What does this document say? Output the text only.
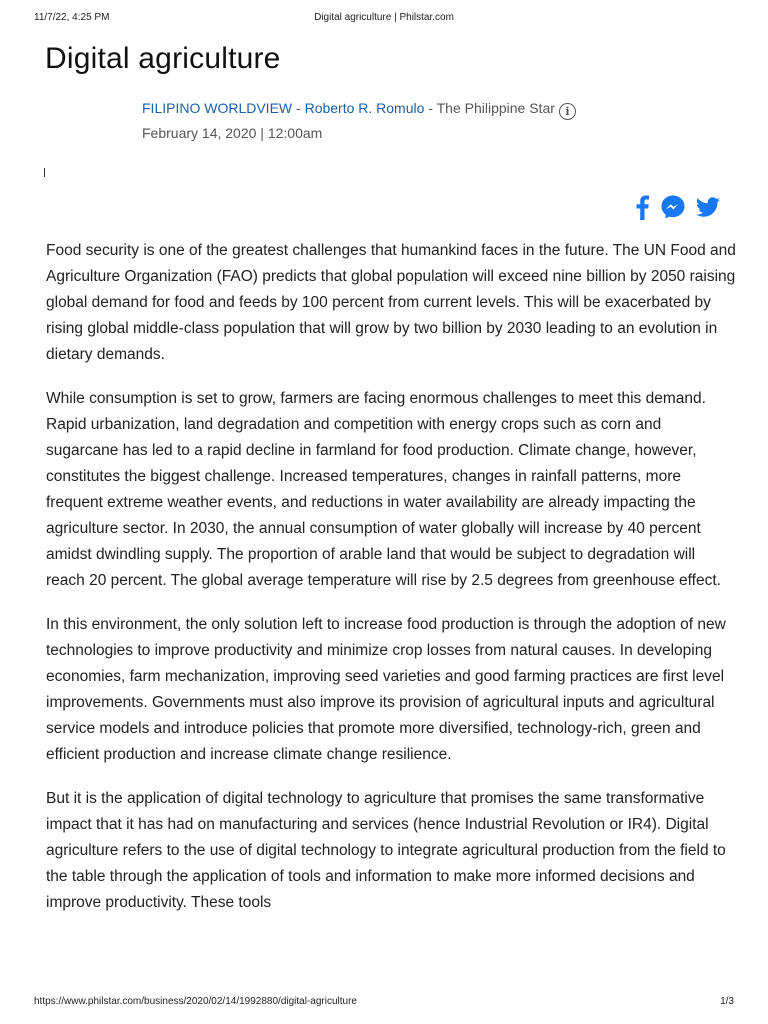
11/7/22, 4:25 PM	Digital agriculture | Philstar.com
Digital agriculture
FILIPINO WORLDVIEW - Roberto R. Romulo - The Philippine Star i
February 14, 2020 | 12:00am

Food security is one of the greatest challenges that humankind faces in the future. The UN Food and Agriculture Organization (FAO) predicts that global population will exceed nine billion by 2050 raising global demand for food and feeds by 100 percent from current levels. This will be exacerbated by rising global middle-class population that will grow by two billion by 2030 leading to an evolution in dietary demands.

While consumption is set to grow, farmers are facing enormous challenges to meet this demand. Rapid urbanization, land degradation and competition with energy crops such as corn and sugarcane has led to a rapid decline in farmland for food production. Climate change, however, constitutes the biggest challenge. Increased temperatures, changes in rainfall patterns, more frequent extreme weather events, and reductions in water availability are already impacting the agriculture sector. In 2030, the annual consumption of water globally will increase by 40 percent amidst dwindling supply. The proportion of arable land that would be subject to degradation will reach 20 percent. The global average temperature will rise by 2.5 degrees from greenhouse effect.

In this environment, the only solution left to increase food production is through the adoption of new technologies to improve productivity and minimize crop losses from natural causes. In developing economies, farm mechanization, improving seed varieties and good farming practices are first level improvements. Governments must also improve its provision of agricultural inputs and agricultural service models and introduce policies that promote more diversified, technology-rich, green and efficient production and increase climate change resilience.

But it is the application of digital technology to agriculture that promises the same transformative impact that it has had on manufacturing and services (hence Industrial Revolution or IR4). Digital agriculture refers to the use of digital technology to integrate agricultural production from the field to the table through the application of tools and information to make more informed decisions and improve productivity. These tools

https://www.philstar.com/business/2020/02/14/1992880/digital-agriculture	1/3
